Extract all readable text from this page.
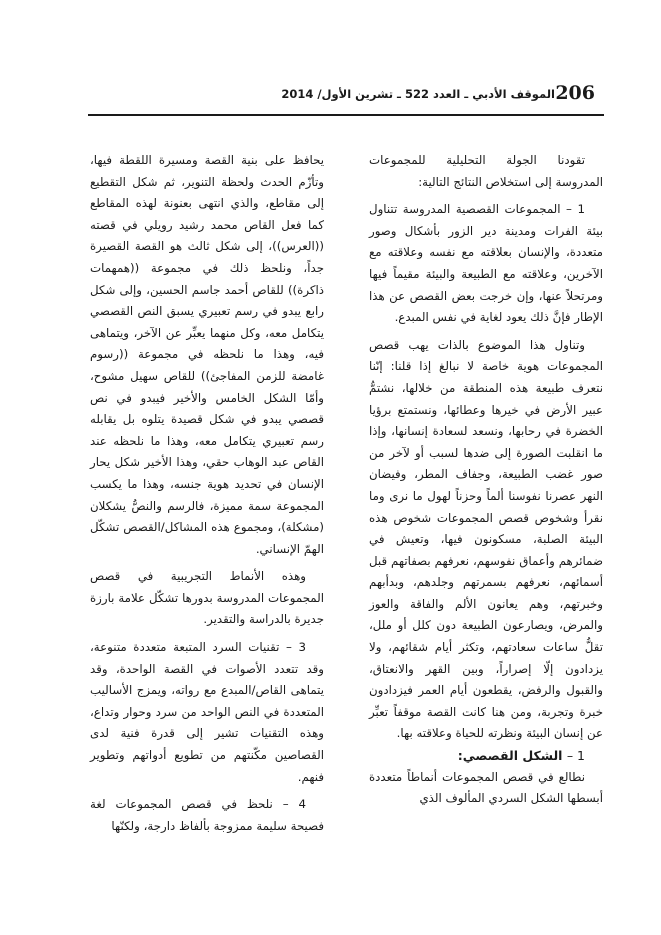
206
الموقف الأدبي ـ العدد 522 ـ تشرين الأول/ 2014

تقودنا الجولة التحليلية للمجموعات المدروسة إلى استخلاص النتائج التالية:

1 – المجموعات القصصية المدروسة تتناول بيئة الفرات ومدينة دير الزور بأشكال وصور متعددة، والإنسان بعلاقته مع نفسه وعلاقته مع الآخرين، وعلاقته مع الطبيعة والبيئة مقيماً فيها ومرتحلاً عنها، وإن خرجت بعض القصص عن هذا الإطار فإنَّ ذلك يعود لغاية في نفس المبدع.

وتناول هذا الموضوع بالذات يهب قصص المجموعات هوية خاصة لا نبالغ إذا قلنا: إنّنا نتعرف طبيعة هذه المنطقة من خلالها، نشتمُّ عبير الأرض في خيرها وعطائها، ونستمتع برؤيا الخضرة في رحابها، ونسعد لسعادة إنسانها، وإذا ما انقلبت الصورة إلى ضدها لسبب أو لآخر من صور غضب الطبيعة، وجفاف المطر، وفيضان النهر عصرنا نفوسنا ألماً وحزناً لهول ما نرى وما نقرأ وشخوص قصص المجموعات شخوص هذه البيئة الصلبة، مسكونون فيها، وتعيش في ضمائرهم وأعماق نفوسهم، نعرفهم بصفاتهم قبل أسمائهم، نعرفهم بسمرتهم وجلدهم، وبدأبهم وخبرتهم، وهم يعانون الألم والفاقة والعوز والمرض، ويصارعون الطبيعة دون كلل أو ملل، تقلُّ ساعات سعادتهم، وتكثر أيام شقائهم، ولا يزدادون إلّا إصراراً، وبين القهر والانعتاق، والقبول والرفض، يقطعون أيام العمر فيزدادون خبرة وتجربة، ومن هنا كانت القصة موقفاً تعبِّر عن إنسان البيئة ونظرته للحياة وعلاقته بها.

1 – الشكل القصصي:

نطالع في قصص المجموعات أنماطاً متعددة أبسطها الشكل السردي المألوف الذي

يحافظ على بنية القصة ومسيرة اللقطة فيها، وتأزّم الحدث ولحظة التنوير، ثم شكل التقطيع إلى مقاطع، والذي انتهى بعنونة لهذه المقاطع كما فعل القاص محمد رشيد رويلي في قصته ((العرس))، إلى شكل ثالث هو القصة القصيرة جداً، ونلحظ ذلك في مجموعة ((همهمات ذاكرة)) للقاص أحمد جاسم الحسين، وإلى شكل رابع يبدو في رسم تعبيري يسبق النص القصصي يتكامل معه، وكل منهما يعبِّر عن الآخر، ويتماهى فيه، وهذا ما نلحظه في مجموعة ((رسوم غامضة للزمن المفاجئ)) للقاص سهيل مشوح، وأمّا الشكل الخامس والأخير فيبدو في نص قصصي يبدو في شكل قصيدة يتلوه بل يقابله رسم تعبيري يتكامل معه، وهذا ما نلحظه عند القاص عبد الوهاب حقي، وهذا الأخير شكل يحار الإنسان في تحديد هوية جنسه، وهذا ما يكسب المجموعة سمة مميزة، فالرسم والنصُّ يشكلان (مشكلة)، ومجموع هذه المشاكل/القصص تشكّل الهمّ الإنساني.

وهذه الأنماط التجريبية في قصص المجموعات المدروسة بدورها تشكّل علامة بارزة جديرة بالدراسة والتقدير.

3 – تقنيات السرد المتبعة متعددة متنوعة، وقد تتعدد الأصوات في القصة الواحدة، وقد يتماهى القاص/المبدع مع رواته، ويمزج الأساليب المتعددة في النص الواحد من سرد وحوار وتداع، وهذه التقنيات تشير إلى قدرة فنية لدى القصاصين مكّنتهم من تطويع أدواتهم وتطوير فنهم.

4 – نلحظ في قصص المجموعات لغة فصيحة سليمة ممزوجة بألفاظ دارجة، ولكنّها
